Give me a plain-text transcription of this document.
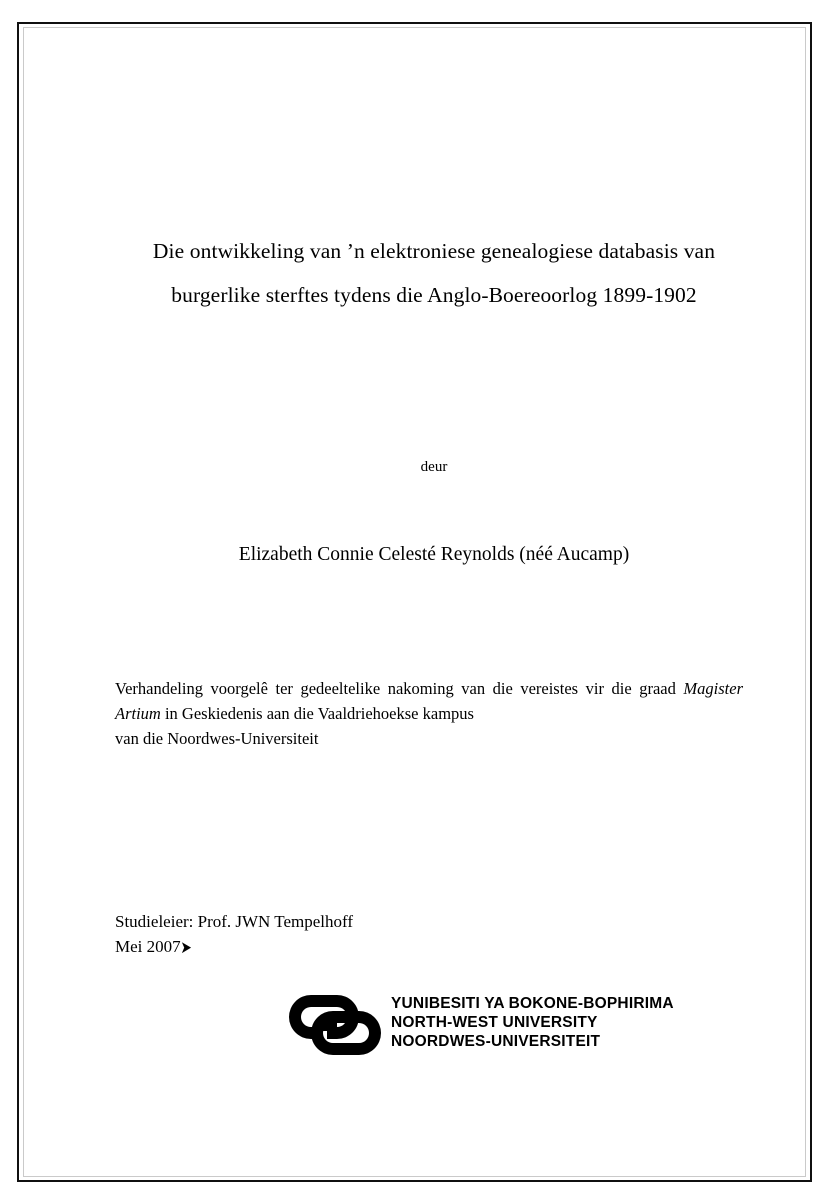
Die ontwikkeling van ’n elektroniese genealogiese databasis van
burgerlike sterftes tydens die Anglo-Boereoorlog 1899-1902
deur
Elizabeth Connie Celesté Reynolds (néé Aucamp)
Verhandeling voorgelê ter gedeeltelike nakoming van die vereistes vir die graad Magister Artium in Geskiedenis aan die Vaaldriehoekse kampus
van die Noordwes-Universiteit
Studieleier: Prof. JWN Tempelhoff
Mei 2007 ➤
YUNIBESITI YA BOKONE-BOPHIRIMA
NORTH-WEST UNIVERSITY
NOORDWES-UNIVERSITEIT
